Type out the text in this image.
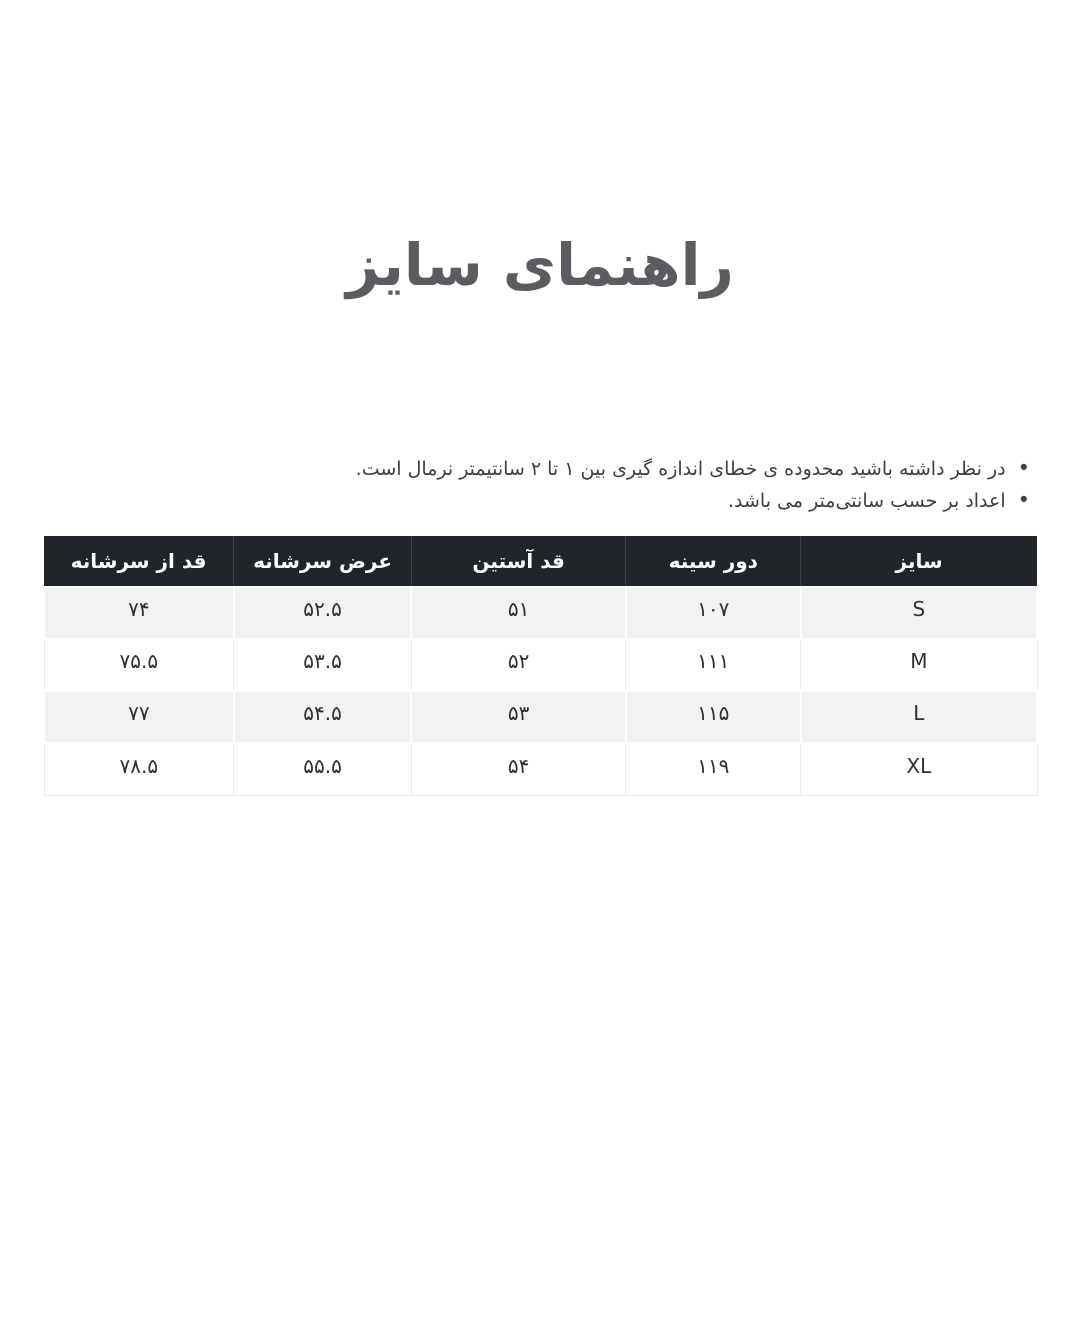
راهنمای سایز
• در نظر داشته باشید محدوده ی خطای اندازه گیری بین ۱ تا ۲ سانتیمتر نرمال است.
• اعداد بر حسب سانتی‌متر می باشد.
سایز	دور سینه	قد آستین	عرض سرشانه	قد از سرشانه
S	۱۰۷	۵۱	۵۲.۵	۷۴
M	۱۱۱	۵۲	۵۳.۵	۷۵.۵
L	۱۱۵	۵۳	۵۴.۵	۷۷
XL	۱۱۹	۵۴	۵۵.۵	۷۸.۵
